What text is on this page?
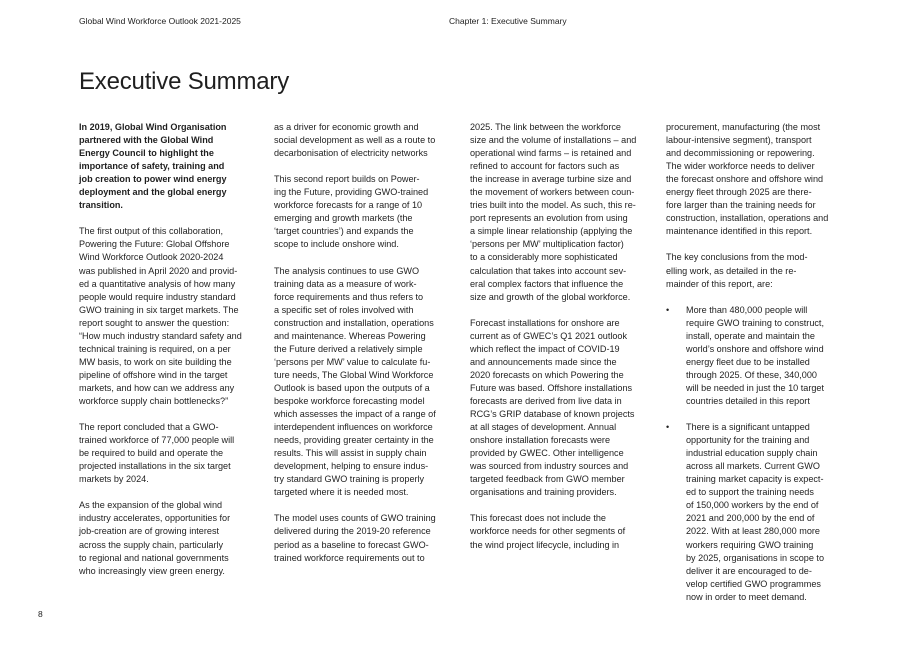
Global Wind Workforce Outlook 2021-2025	Chapter 1: Executive Summary
Executive Summary

In 2019, Global Wind Organisation
partnered with the Global Wind
Energy Council to highlight the
importance of safety, training and
job creation to power wind energy
deployment and the global energy
transition.

The first output of this collaboration,
Powering the Future: Global Offshore
Wind Workforce Outlook 2020-2024
was published in April 2020 and provid-
ed a quantitative analysis of how many
people would require industry standard
GWO training in six target markets. The
report sought to answer the question:
“How much industry standard safety and
technical training is required, on a per
MW basis, to work on site building the
pipeline of offshore wind in the target
markets, and how can we address any
workforce supply chain bottlenecks?”

The report concluded that a GWO-
trained workforce of 77,000 people will
be required to build and operate the
projected installations in the six target
markets by 2024.

As the expansion of the global wind
industry accelerates, opportunities for
job-creation are of growing interest
across the supply chain, particularly
to regional and national governments
who increasingly view green energy.

as a driver for economic growth and
social development as well as a route to
decarbonisation of electricity networks

This second report builds on Power-
ing the Future, providing GWO-trained
workforce forecasts for a range of 10
emerging and growth markets (the
‘target countries’) and expands the
scope to include onshore wind.

The analysis continues to use GWO
training data as a measure of work-
force requirements and thus refers to
a specific set of roles involved with
construction and installation, operations
and maintenance. Whereas Powering
the Future derived a relatively simple
‘persons per MW’ value to calculate fu-
ture needs, The Global Wind Workforce
Outlook is based upon the outputs of a
bespoke workforce forecasting model
which assesses the impact of a range of
interdependent influences on workforce
needs, providing greater certainty in the
results. This will assist in supply chain
development, helping to ensure indus-
try standard GWO training is properly
targeted where it is needed most.

The model uses counts of GWO training
delivered during the 2019-20 reference
period as a baseline to forecast GWO-
trained workforce requirements out to

2025. The link between the workforce
size and the volume of installations – and
operational wind farms – is retained and
refined to account for factors such as
the increase in average turbine size and
the movement of workers between coun-
tries built into the model. As such, this re-
port represents an evolution from using
a simple linear relationship (applying the
‘persons per MW’ multiplication factor)
to a considerably more sophisticated
calculation that takes into account sev-
eral complex factors that influence the
size and growth of the global workforce.

Forecast installations for onshore are
current as of GWEC’s Q1 2021 outlook
which reflect the impact of COVID-19
and announcements made since the
2020 forecasts on which Powering the
Future was based. Offshore installations
forecasts are derived from live data in
RCG’s GRIP database of known projects
at all stages of development. Annual
onshore installation forecasts were
provided by GWEC. Other intelligence
was sourced from industry sources and
targeted feedback from GWO member
organisations and training providers.

This forecast does not include the
workforce needs for other segments of
the wind project lifecycle, including in

procurement, manufacturing (the most
labour-intensive segment), transport
and decommissioning or repowering.
The wider workforce needs to deliver
the forecast onshore and offshore wind
energy fleet through 2025 are there-
fore larger than the training needs for
construction, installation, operations and
maintenance identified in this report.

The key conclusions from the mod-
elling work, as detailed in the re-
mainder of this report, are:

• More than 480,000 people will
require GWO training to construct,
install, operate and maintain the
world’s onshore and offshore wind
energy fleet due to be installed
through 2025. Of these, 340,000
will be needed in just the 10 target
countries detailed in this report
• There is a significant untapped
opportunity for the training and
industrial education supply chain
across all markets. Current GWO
training market capacity is expect-
ed to support the training needs
of 150,000 workers by the end of
2021 and 200,000 by the end of
2022. With at least 280,000 more
workers requiring GWO training
by 2025, organisations in scope to
deliver it are encouraged to de-
velop certified GWO programmes
now in order to meet demand.
8
